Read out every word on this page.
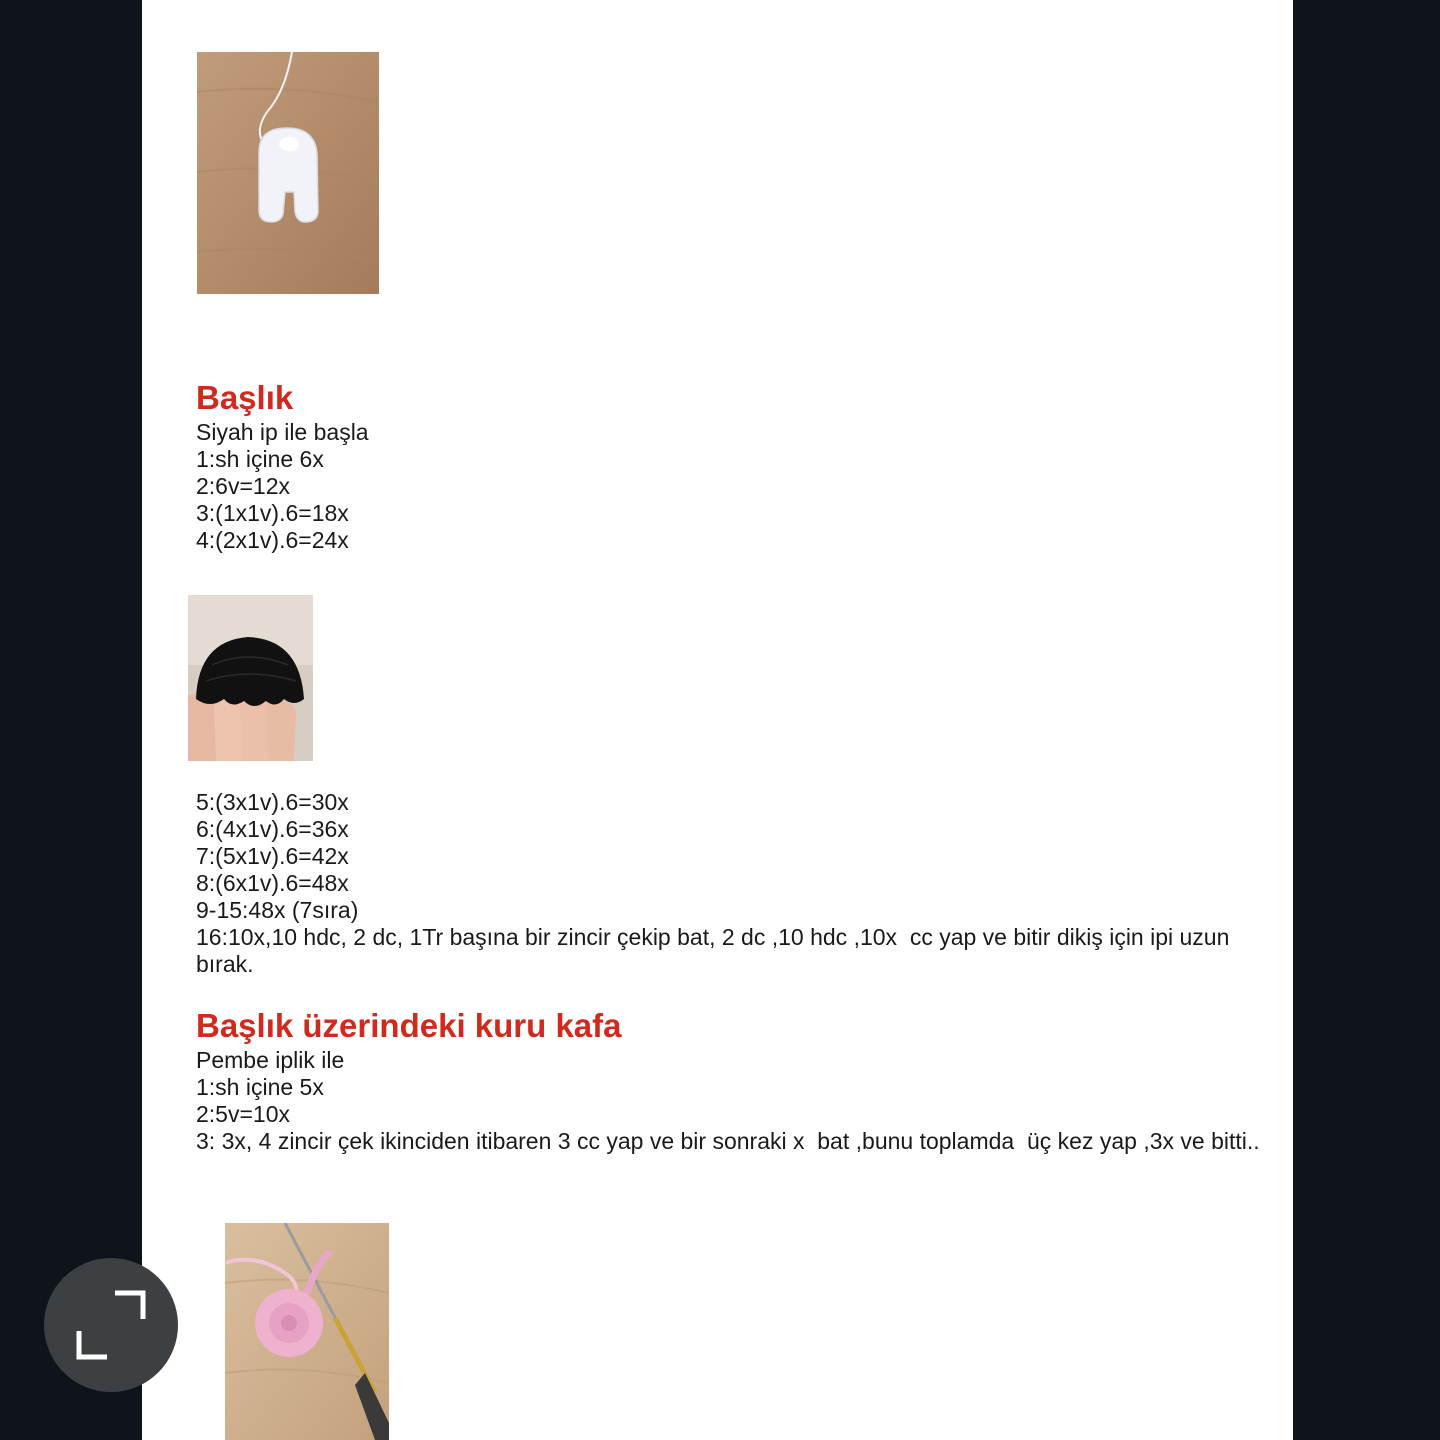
Başlık
Siyah ip ile başla
1:sh içine 6x
2:6v=12x
3:(1x1v).6=18x
4:(2x1v).6=24x
5:(3x1v).6=30x
6:(4x1v).6=36x
7:(5x1v).6=42x
8:(6x1v).6=48x
9-15:48x (7sıra)
16:10x,10 hdc, 2 dc, 1Tr başına bir zincir çekip bat, 2 dc ,10 hdc ,10x  cc yap ve bitir dikiş için ipi uzun bırak.
Başlık üzerindeki kuru kafa
Pembe iplik ile
1:sh içine 5x
2:5v=10x
3: 3x, 4 zincir çek ikinciden itibaren 3 cc yap ve bir sonraki x  bat ,bunu toplamda  üç kez yap ,3x ve bitti..
